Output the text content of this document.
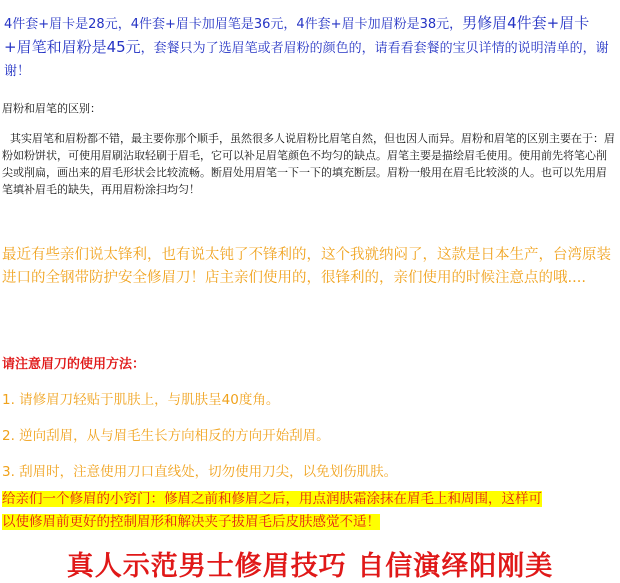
4件套+眉卡是28元，4件套+眉卡加眉笔是36元，4件套+眉卡加眉粉是38元，男修眉4件套+眉卡+眉笔和眉粉是45元，套餐只为了选眉笔或者眉粉的颜色的，请看看套餐的宝贝详情的说明清单的，谢谢！
眉粉和眉笔的区别：
其实眉笔和眉粉都不错，最主要你那个顺手，虽然很多人说眉粉比眉笔自然，但也因人而异。眉粉和眉笔的区别主要在于：眉粉如粉饼状，可使用眉刷沾取轻刷于眉毛，它可以补足眉笔颜色不均匀的缺点。眉笔主要是描绘眉毛使用。使用前先将笔心削尖或削扁，画出来的眉毛形状会比较流畅。断眉处用眉笔一下一下的填充断层。眉粉一般用在眉毛比较淡的人。也可以先用眉笔填补眉毛的缺失，再用眉粉涂扫均匀！
最近有些亲们说太锋利，也有说太钝了不锋利的，这个我就纳闷了，这款是日本生产，台湾原装进口的全钢带防护安全修眉刀！店主亲们使用的，很锋利的，亲们使用的时候注意点的哦....
请注意眉刀的使用方法：
1. 请修眉刀轻贴于肌肤上，与肌肤呈40度角。
2. 逆向刮眉，从与眉毛生长方向相反的方向开始刮眉。
3. 刮眉时，注意使用刀口直线处，切勿使用刀尖，以免划伤肌肤。
给亲们一个修眉的小窍门：修眉之前和修眉之后，用点润肤霜涂抹在眉毛上和周围，这样可
以使修眉前更好的控制眉形和解决夹子拔眉毛后皮肤感觉不适！
真人示范男士修眉技巧 自信演绎阳刚美
